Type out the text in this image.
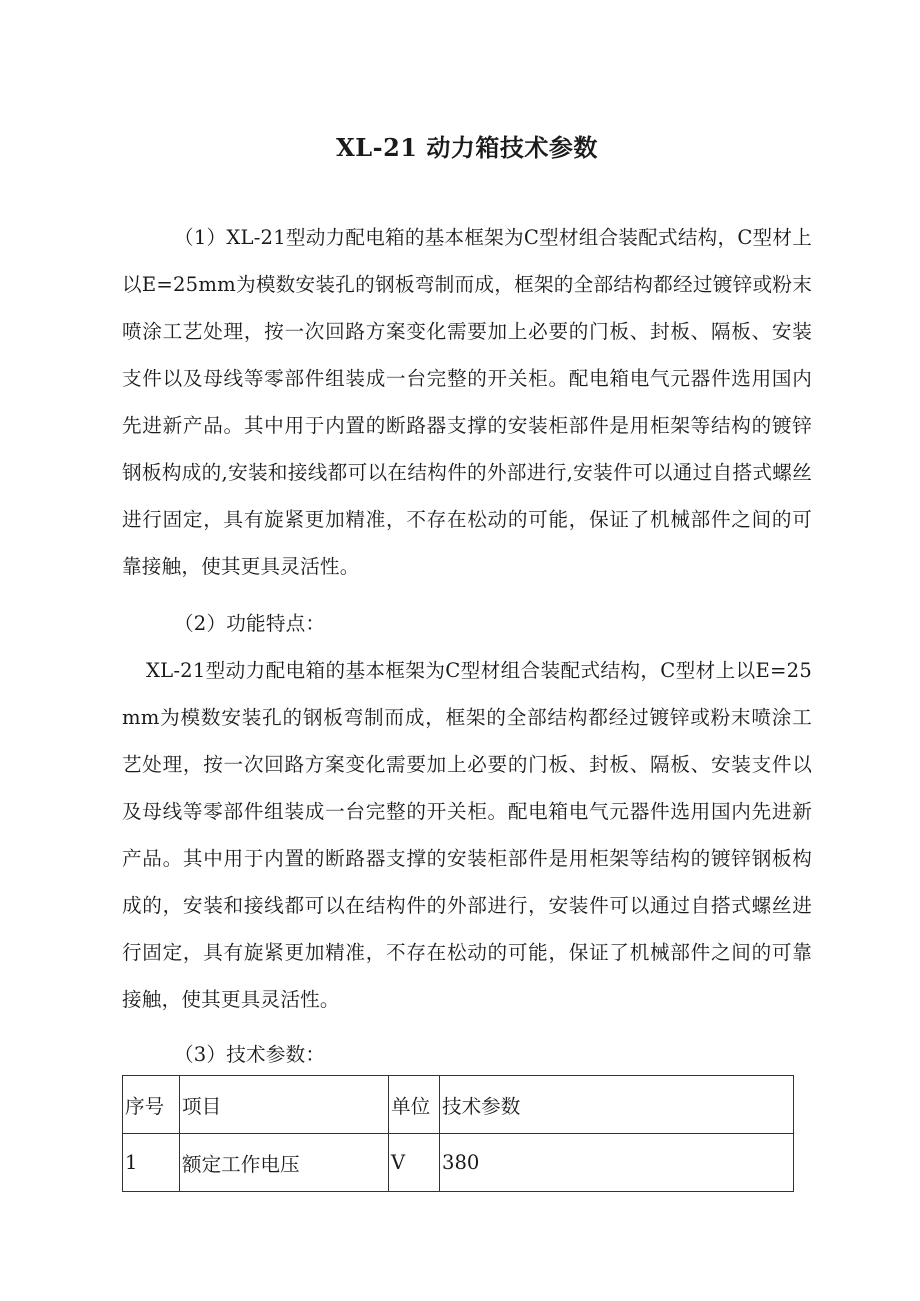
XL-21 动力箱技术参数

（1）XL-21型动力配电箱的基本框架为C型材组合装配式结构，C型材上以E=25mm为模数安装孔的钢板弯制而成，框架的全部结构都经过镀锌或粉末喷涂工艺处理，按一次回路方案变化需要加上必要的门板、封板、隔板、安装支件以及母线等零部件组装成一台完整的开关柜。配电箱电气元器件选用国内先进新产品。其中用于内置的断路器支撑的安装柜部件是用柜架等结构的镀锌钢板构成的,安装和接线都可以在结构件的外部进行,安装件可以通过自搭式螺丝进行固定，具有旋紧更加精准，不存在松动的可能，保证了机械部件之间的可靠接触，使其更具灵活性。

（2）功能特点：

XL-21型动力配电箱的基本框架为C型材组合装配式结构，C型材上以E=25mm为模数安装孔的钢板弯制而成，框架的全部结构都经过镀锌或粉末喷涂工艺处理，按一次回路方案变化需要加上必要的门板、封板、隔板、安装支件以及母线等零部件组装成一台完整的开关柜。配电箱电气元器件选用国内先进新产品。其中用于内置的断路器支撑的安装柜部件是用柜架等结构的镀锌钢板构成的，安装和接线都可以在结构件的外部进行，安装件可以通过自搭式螺丝进行固定，具有旋紧更加精准，不存在松动的可能，保证了机械部件之间的可靠接触，使其更具灵活性。

（3）技术参数：

序号	项目	单位	技术参数
1	额定工作电压	V	380
